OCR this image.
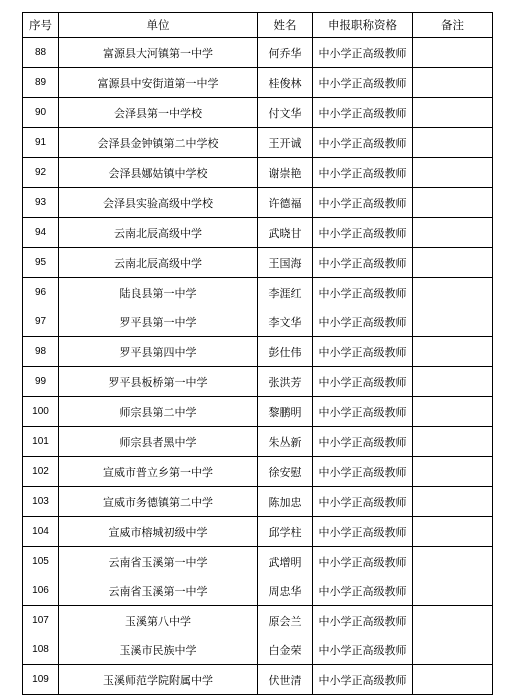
序号	单位	姓名	申报职称资格	备注
88	富源县大河镇第一中学	何乔华	中小学正高级教师	
89	富源县中安街道第一中学	桂俊林	中小学正高级教师	
90	会泽县第一中学校	付文华	中小学正高级教师	
91	会泽县金钟镇第二中学校	王开诚	中小学正高级教师	
92	会泽县娜姑镇中学校	谢崇艳	中小学正高级教师	
93	会泽县实验高级中学校	许德福	中小学正高级教师	
94	云南北辰高级中学	武晓甘	中小学正高级教师	
95	云南北辰高级中学	王国海	中小学正高级教师	
96	陆良县第一中学	李涯红	中小学正高级教师	
97	罗平县第一中学	李文华	中小学正高级教师	
98	罗平县第四中学	彭仕伟	中小学正高级教师	
99	罗平县板桥第一中学	张洪芳	中小学正高级教师	
100	师宗县第二中学	黎鹏明	中小学正高级教师	
101	师宗县者黑中学	朱丛新	中小学正高级教师	
102	宣威市普立乡第一中学	徐安慰	中小学正高级教师	
103	宣威市务德镇第二中学	陈加忠	中小学正高级教师	
104	宣威市榕城初级中学	邱学柱	中小学正高级教师	
105	云南省玉溪第一中学	武增明	中小学正高级教师	
106	云南省玉溪第一中学	周忠华	中小学正高级教师	
107	玉溪第八中学	原会兰	中小学正高级教师	
108	玉溪市民族中学	白金荣	中小学正高级教师	
109	玉溪师范学院附属中学	伏世清	中小学正高级教师	
